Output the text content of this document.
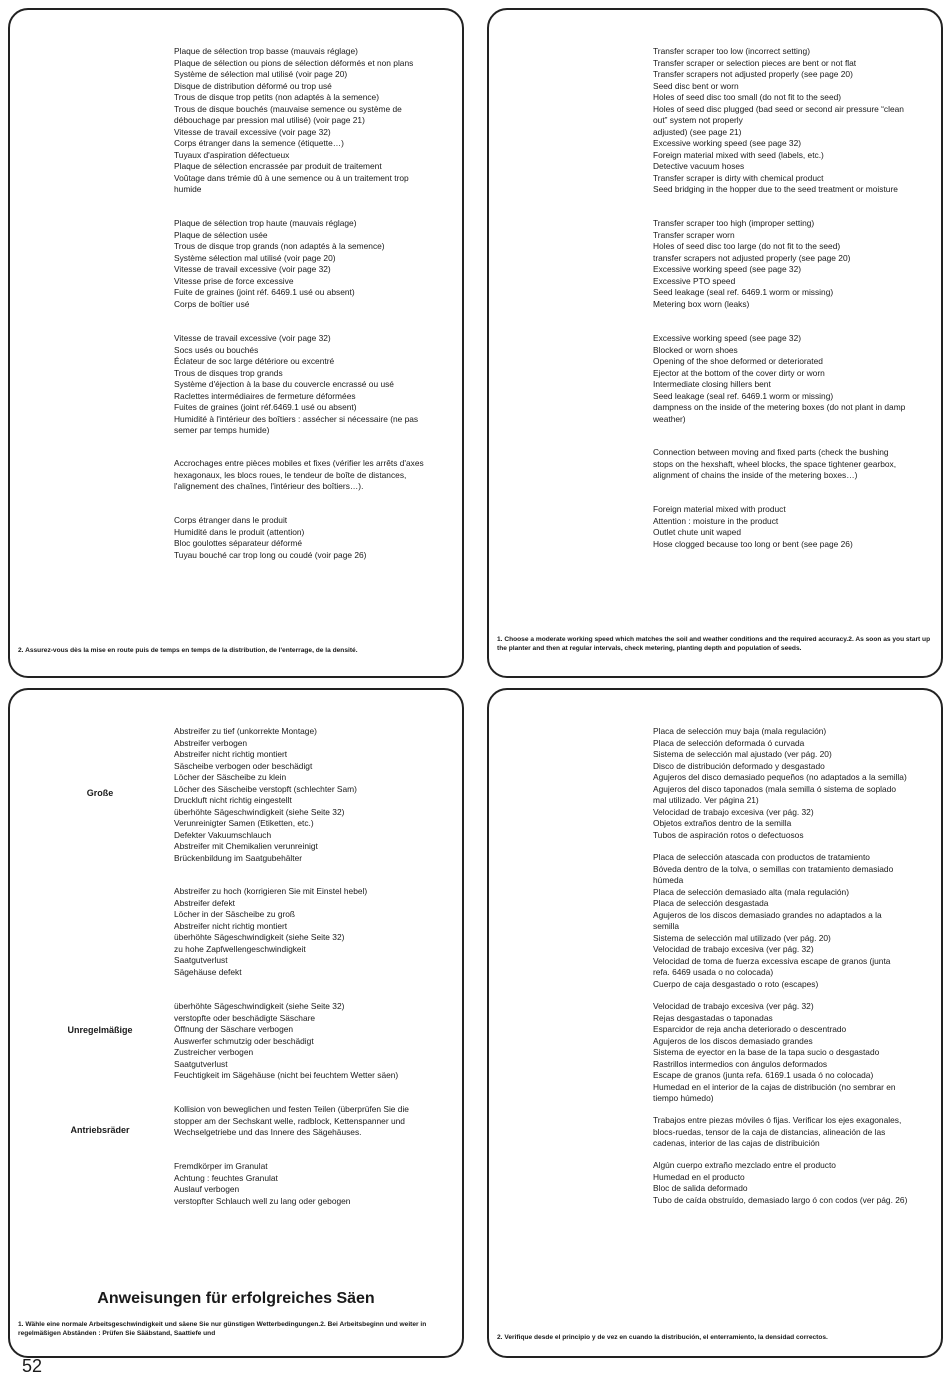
Plaque de sélection trop basse (mauvais réglage)
Plaque de sélection ou pions de sélection déformés et non plans
Système de sélection mal utilisé (voir page 20)
Disque de distribution déformé ou trop usé
Trous de disque trop petits (non adaptés à la semence)
Trous de disque bouchés (mauvaise semence ou système de
débouchage par pression mal utilisé) (voir page 21)
Vitesse de travail excessive (voir page 32)
Corps étranger dans la semence (étiquette…)
Tuyaux d'aspiration défectueux
Plaque de sélection encrassée par produit de traitement
Voûtage dans trémie dû à une semence ou à un traitement trop
humide
Plaque de sélection trop haute (mauvais réglage)
Plaque de sélection usée
Trous de disque trop grands (non adaptés à la semence)
Système sélection mal utilisé (voir page 20)
Vitesse de travail excessive (voir page 32)
Vitesse prise de force excessive
Fuite de graines (joint réf. 6469.1 usé ou absent)
Corps de boîtier usé
Vitesse de travail excessive (voir page 32)
Socs usés ou bouchés
Éclateur de soc large détériore ou excentré
Trous de disques trop grands
Système d'éjection à la base du couvercle encrassé ou usé
Raclettes intermédiaires de fermeture déformées
Fuites de graines (joint réf.6469.1 usé ou absent)
Humidité à l'intérieur des boîtiers : assécher si nécessaire (ne pas
semer par temps humide)
Accrochages entre pièces mobiles et fixes (vérifier les arrêts d'axes
hexagonaux, les blocs roues, le tendeur de boîte de distances,
l'alignement des chaînes, l'intérieur des boîtiers…).
Corps étranger dans le produit
Humidité dans le produit (attention)
Bloc goulottes séparateur déformé
Tuyau bouché car trop long ou coudé (voir page 26)
2. Assurez-vous dès la mise en route puis de temps en temps de la distribution, de l'enterrage, de la densité.
Transfer scraper too low (incorrect setting)
Transfer scraper or selection pieces are bent or not flat
Transfer scrapers not adjusted properly (see page 20)
Seed disc bent or worn
Holes of seed disc too small (do not fit to the seed)
Holes of seed disc plugged (bad seed or second air pressure “clean
out” system not properly
adjusted) (see page 21)
Excessive working speed (see page 32)
Foreign material mixed with seed (labels, etc.)
Detective vacuum hoses
Transfer scraper is dirty with chemical product
Seed bridging in the hopper due to the seed treatment or moisture
Transfer scraper too high (improper setting)
Transfer scraper worn
Holes of seed disc too large (do not fit to the seed)
transfer scrapers not adjusted properly (see page 20)
Excessive working speed (see page 32)
Excessive PTO speed
Seed leakage (seal ref. 6469.1 worm or missing)
Metering box worn (leaks)
Excessive working speed (see page 32)
Blocked or worn shoes
Opening of the shoe deformed or deteriorated
Ejector at the bottom of the cover dirty or worn
Intermediate closing hillers bent
Seed leakage (seal ref. 6469.1 worm or missing)
dampness on the inside of the metering boxes (do not plant in damp
weather)
Connection between moving and fixed parts (check the bushing
stops on the hexshaft, wheel blocks, the space tightener gearbox,
alignment of chains the inside of the metering boxes…)
Foreign material mixed with product
Attention : moisture in the product
Outlet chute unit waped
Hose clogged because too long or bent (see page 26)
1. Choose a moderate working speed which matches the soil and weather conditions and the required accuracy.2. As soon as you start up the planter and then at regular intervals, check metering, planting depth and population of seeds.
Große
Unregelmäßige
Antriebsräder
Abstreifer zu tief (unkorrekte Montage)
Abstreifer verbogen
Abstreifer nicht richtig montiert
Säscheibe verbogen oder beschädigt
Löcher der Säscheibe zu klein
Löcher des Säscheibe verstopft (schlechter Sam)
Druckluft nicht richtig eingestellt
überhöhte Sägeschwindigkeit (siehe Seite 32)
Verunreinigter Samen (Etiketten, etc.)
Defekter Vakuumschlauch
Abstreifer mit Chemikalien verunreinigt
Brückenbildung im Saatgubehälter
Abstreifer zu hoch (korrigieren Sie mit Einstel hebel)
Abstreifer defekt
Löcher in der Säscheibe zu groß
Abstreifer nicht richtig montiert
überhöhte Sägeschwindigkeit (siehe Seite 32)
zu hohe Zapfwellengeschwindigkeit
Saatgutverlust
Sägehäuse defekt
überhöhte Sägeschwindigkeit (siehe Seite 32)
verstopfte oder beschädigte Säschare
Öffnung der Säschare verbogen
Auswerfer schmutzig oder beschädigt
Zustreicher verbogen
Saatgutverlust
Feuchtigkeit im Sägehäuse (nicht bei feuchtem Wetter säen)
Kollision von beweglichen und festen Teilen (überprüfen Sie die
stopper am der Sechskant welle, radblock, Kettenspanner und
Wechselgetriebe und das Innere des Sägehäuses.
Fremdkörper im Granulat
Achtung : feuchtes Granulat
Auslauf verbogen
verstopfter Schlauch well zu lang oder gebogen
Anweisungen für erfolgreiches Säen
1. Wähle eine normale Arbeitsgeschwindigkeit und säene Sie nur günstigen Wetterbedingungen.2. Bei Arbeitsbeginn und weiter in regelmäßigen Abständen : Prüfen Sie Sääbstand, Saattiefe und
Placa de selección muy baja (mala regulación)
Placa de selección deformada ó curvada
Sistema de selección mal ajustado (ver pág. 20)
Disco de distribución deformado y desgastado
Agujeros del disco demasiado pequeños (no adaptados a la semilla)
Agujeros del disco taponados (mala semilla ó sistema de soplado
mal utilizado. Ver página 21)
Velocidad de trabajo excesiva (ver pág. 32)
Objetos extraños dentro de la semilla
Tubos de aspiración rotos o defectuosos
Placa de selección atascada con productos de tratamiento
Bóveda dentro de la tolva, o semillas con tratamiento demasiado
húmeda
Placa de selección demasiado alta (mala regulación)
Placa de selección desgastada
Agujeros de los discos demasiado grandes no adaptados a la
semilla
Sistema de selección mal utilizado (ver pág. 20)
Velocidad de trabajo excesiva (ver pág. 32)
Velocidad de toma de fuerza excessiva escape de granos (junta
refa. 6469 usada o no colocada)
Cuerpo de caja desgastado o roto (escapes)
Velocidad de trabajo excesiva (ver pág. 32)
Rejas desgastadas o taponadas
Esparcidor de reja ancha deteriorado o descentrado
Agujeros de los discos demasiado grandes
Sistema de eyector en la base de la tapa sucio o desgastado
Rastrillos intermedios con ángulos deformados
Escape de granos (junta refa. 6169.1 usada ó no colocada)
Humedad en el interior de la cajas de distribución (no sembrar en
tiempo húmedo)
Trabajos entre piezas móviles ó fijas. Verificar los ejes exagonales,
blocs-ruedas, tensor de la caja de distancias, alineación de las
cadenas, interior de las cajas de distribuición
Algún cuerpo extraño mezclado entre el producto
Humedad en el producto
Bloc de salida deformado
Tubo de caída obstruído, demasiado largo ó con codos (ver pág. 26)
2. Verifique desde el principio y de vez en cuando la distribución, el enterramiento, la densidad correctos.
52
